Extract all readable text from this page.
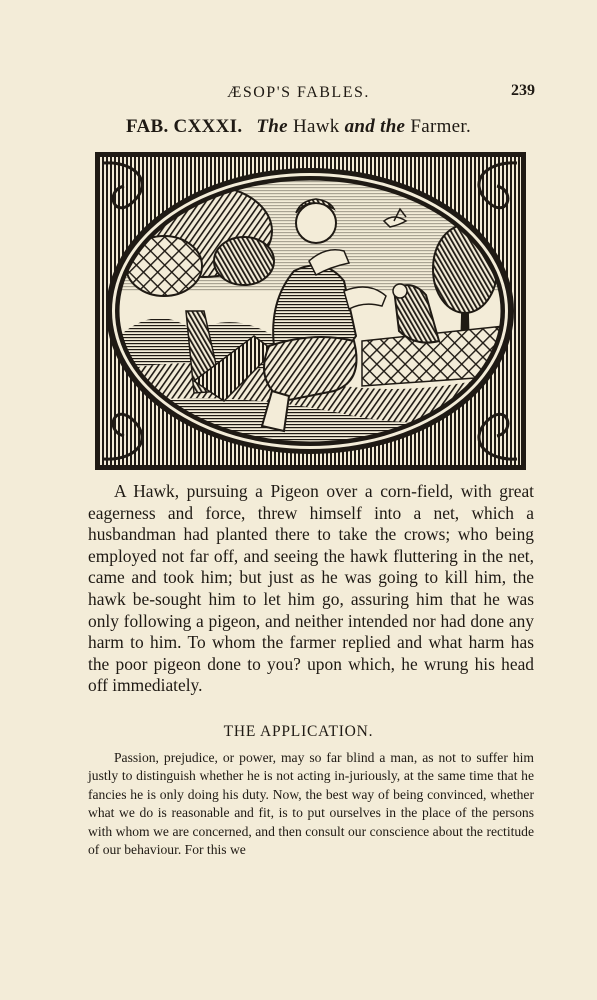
ÆSOP'S FABLES.	239
FAB. CXXXI. The Hawk and the Farmer.

A Hawk, pursuing a Pigeon over a corn-field, with great eagerness and force, threw himself into a net, which a husbandman had planted there to take the crows; who being employed not far off, and seeing the hawk fluttering in the net, came and took him; but just as he was going to kill him, the hawk be-sought him to let him go, assuring him that he was only following a pigeon, and neither intended nor had done any harm to him. To whom the farmer replied and what harm has the poor pigeon done to you? upon which, he wrung his head off immediately.

THE APPLICATION.

Passion, prejudice, or power, may so far blind a man, as not to suffer him justly to distinguish whether he is not acting in-juriously, at the same time that he fancies he is only doing his duty. Now, the best way of being convinced, whether what we do is reasonable and fit, is to put ourselves in the place of the persons with whom we are concerned, and then consult our conscience about the rectitude of our behaviour. For this we
